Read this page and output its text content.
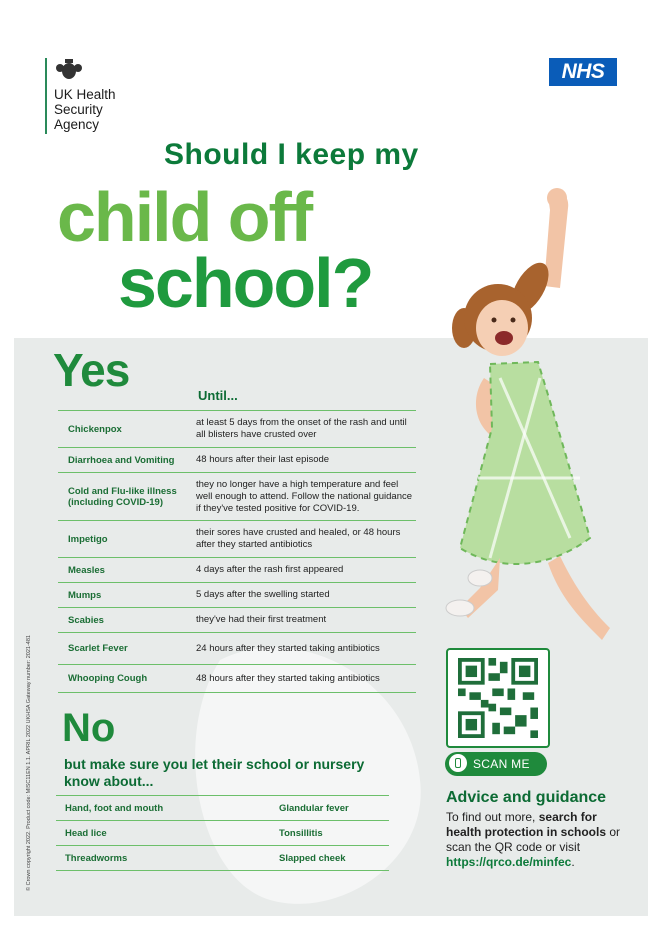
UK Health
Security
Agency
NHS
Should I keep my
child off
school?
Yes	Until...
Chickenpox	at least 5 days from the onset of the rash and until all blisters have crusted over
Diarrhoea and Vomiting	48 hours after their last episode
Cold and Flu-like illness (including COVID-19)	they no longer have a high temperature and feel well enough to attend. Follow the national guidance if they've tested positive for COVID-19.
Impetigo	their sores have crusted and healed, or 48 hours after they started antibiotics
Measles	4 days after the rash first appeared
Mumps	5 days after the swelling started
Scabies	they've had their first treatment
Scarlet Fever	24 hours after they started taking antibiotics
Whooping Cough	48 hours after they started taking antibiotics
No
but make sure you let their school or nursery know about...
Hand, foot and mouth	Glandular fever
Head lice	Tonsillitis
Threadworms	Slapped cheek
© Crown copyright 2022. Product code: MISC11EN 1.1. APRIL 2022 UKHSA Gateway number: 2021-481	SCAN ME
Advice and guidance
To find out more, search for health protection in schools or scan the QR code or visit https://qrco.de/minfec.
